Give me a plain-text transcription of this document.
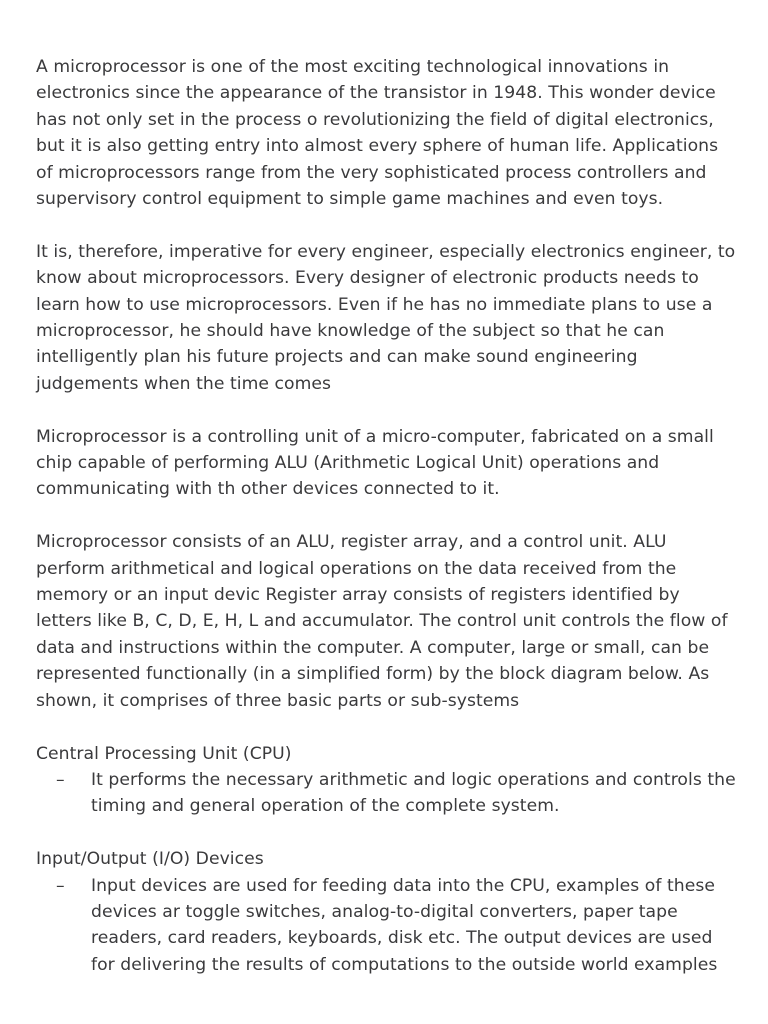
A microprocessor is one of the most exciting technological innovations in electronics since the appearance of the transistor in 1948. This wonder device has not only set in the process o revolutionizing the field of digital electronics, but it is also getting entry into almost every sphere of human life. Applications of microprocessors range from the very sophisticated process controllers and supervisory control equipment to simple game machines and even toys.

It is, therefore, imperative for every engineer, especially electronics engineer, to know about microprocessors. Every designer of electronic products needs to learn how to use microprocessors. Even if he has no immediate plans to use a microprocessor, he should have knowledge of the subject so that he can intelligently plan his future projects and can make sound engineering judgements when the time comes

Microprocessor is a controlling unit of a micro-computer, fabricated on a small chip capable of performing ALU (Arithmetic Logical Unit) operations and communicating with th other devices connected to it.

Microprocessor consists of an ALU, register array, and a control unit. ALU perform arithmetical and logical operations on the data received from the memory or an input devic Register array consists of registers identified by letters like B, C, D, E, H, L and accumulator. The control unit controls the flow of data and instructions within the computer. A computer, large or small, can be represented functionally (in a simplified form) by the block diagram below. As shown, it comprises of three basic parts or sub-systems

Central Processing Unit (CPU)

– It performs the necessary arithmetic and logic operations and controls the timing and general operation of the complete system.

Input/Output (I/O) Devices

– Input devices are used for feeding data into the CPU, examples of these devices ar toggle switches, analog-to-digital converters, paper tape readers, card readers, keyboards, disk etc. The output devices are used for delivering the results of computations to the outside world examples
